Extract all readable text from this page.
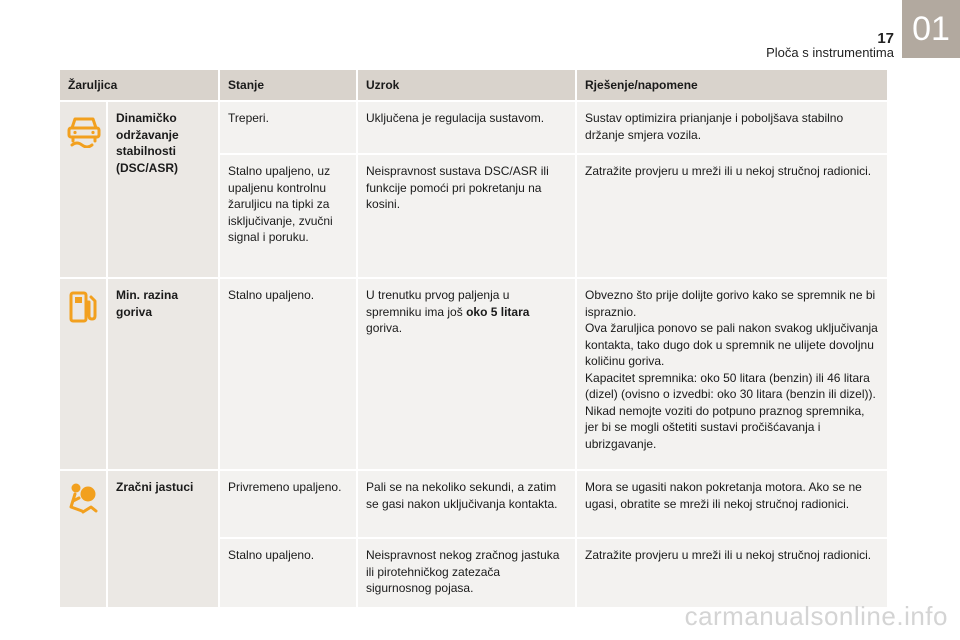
17
Ploča s instrumentima
01
Žaruljica		Stanje	Uzrok	Rješenje/napomene
	Dinamičko održavanje stabilnosti (DSC/ASR)	Treperi.	Uključena je regulacija sustavom.	Sustav optimizira prianjanje i poboljšava stabilno držanje smjera vozila.
		Stalno upaljeno, uz upaljenu kontrolnu žaruljicu na tipki za isključivanje, zvučni signal i poruku.	Neispravnost sustava DSC/ASR ili funkcije pomoći pri pokretanju na kosini.	Zatražite provjeru u mreži ili u nekoj stručnoj radionici.
	Min. razina goriva	Stalno upaljeno.	U trenutku prvog paljenja u spremniku ima još oko 5 litara goriva.	Obvezno što prije dolijte gorivo kako se spremnik ne bi ispraznio.
Ova žaruljica ponovo se pali nakon svakog uključivanja kontakta, tako dugo dok u spremnik ne ulijete dovoljnu količinu goriva.
Kapacitet spremnika: oko 50 litara (benzin) ili 46 litara (dizel) (ovisno o izvedbi: oko 30 litara (benzin ili dizel)).
Nikad nemojte voziti do potpuno praznog spremnika, jer bi se mogli oštetiti sustavi pročišćavanja i ubrizgavanje.

	Zračni jastuci	Privremeno upaljeno.	Pali se na nekoliko sekundi, a zatim se gasi nakon uključivanja kontakta.	Mora se ugasiti nakon pokretanja motora. Ako se ne ugasi, obratite se mreži ili nekoj stručnoj radionici.
		Stalno upaljeno.	Neispravnost nekog zračnog jastuka ili pirotehničkog zatezača sigurnosnog pojasa.	Zatražite provjeru u mreži ili u nekoj stručnoj radionici.
carmanualsonline.info
